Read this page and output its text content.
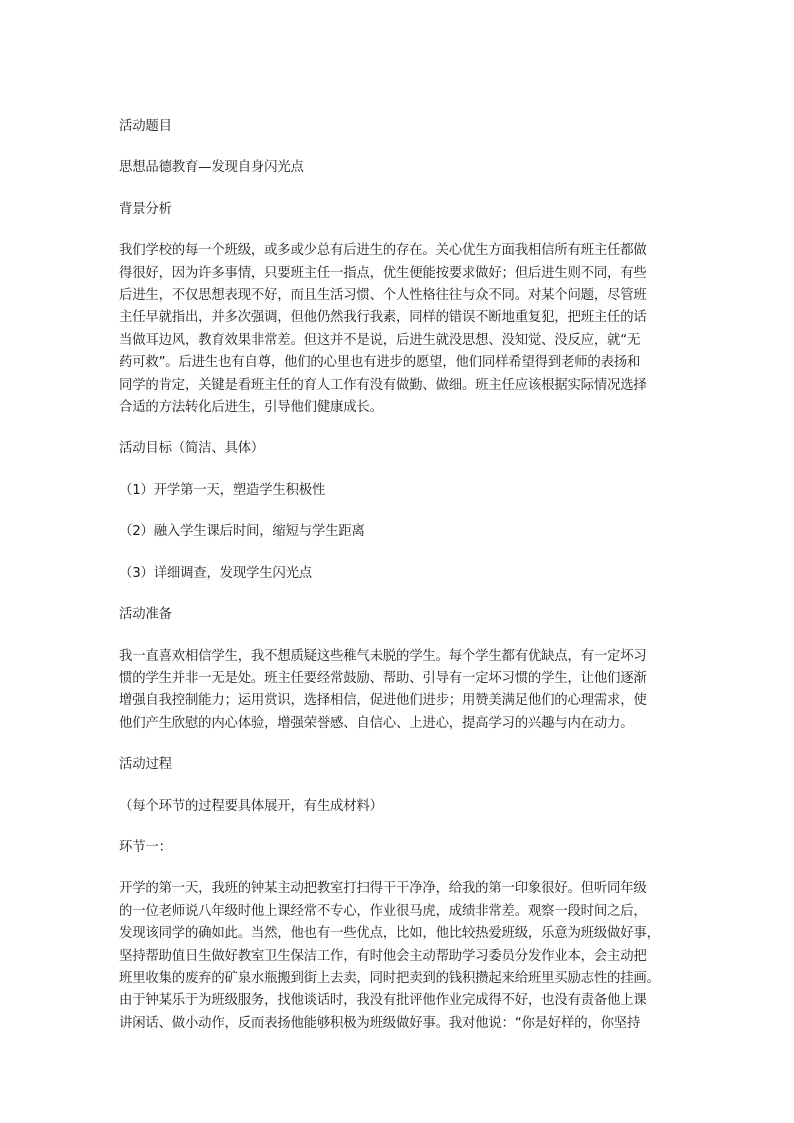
活动题目

思想品德教育—发现自身闪光点

背景分析

我们学校的每一个班级，或多或少总有后进生的存在。关心优生方面我相信所有班主任都做
得很好，因为许多事情，只要班主任一指点，优生便能按要求做好；但后进生则不同，有些
后进生，不仅思想表现不好，而且生活习惯、个人性格往往与众不同。对某个问题，尽管班
主任早就指出，并多次强调，但他仍然我行我素，同样的错误不断地重复犯，把班主任的话
当做耳边风，教育效果非常差。但这并不是说，后进生就没思想、没知觉、没反应，就“无
药可救”。后进生也有自尊，他们的心里也有进步的愿望，他们同样希望得到老师的表扬和
同学的肯定，关键是看班主任的育人工作有没有做勤、做细。班主任应该根据实际情况选择
合适的方法转化后进生，引导他们健康成长。

活动目标（简洁、具体）

（1）开学第一天，塑造学生积极性

（2）融入学生课后时间，缩短与学生距离

（3）详细调查，发现学生闪光点

活动准备

我一直喜欢相信学生，我不想质疑这些稚气未脱的学生。每个学生都有优缺点，有一定坏习
惯的学生并非一无是处。班主任要经常鼓励、帮助、引导有一定坏习惯的学生，让他们逐渐
增强自我控制能力；运用赏识，选择相信，促进他们进步；用赞美满足他们的心理需求，使
他们产生欣慰的内心体验，增强荣誉感、自信心、上进心，提高学习的兴趣与内在动力。

活动过程

（每个环节的过程要具体展开，有生成材料）

环节一：

开学的第一天，我班的钟某主动把教室打扫得干干净净，给我的第一印象很好。但听同年级
的一位老师说八年级时他上课经常不专心，作业很马虎，成绩非常差。观察一段时间之后，
发现该同学的确如此。当然，他也有一些优点，比如，他比较热爱班级，乐意为班级做好事，
坚持帮助值日生做好教室卫生保洁工作，有时他会主动帮助学习委员分发作业本，会主动把
班里收集的废弃的矿泉水瓶搬到街上去卖，同时把卖到的钱积攒起来给班里买励志性的挂画。
由于钟某乐于为班级服务，找他谈话时，我没有批评他作业完成得不好，也没有责备他上课
讲闲话、做小动作，反而表扬他能够积极为班级做好事。我对他说：“你是好样的，你坚持
